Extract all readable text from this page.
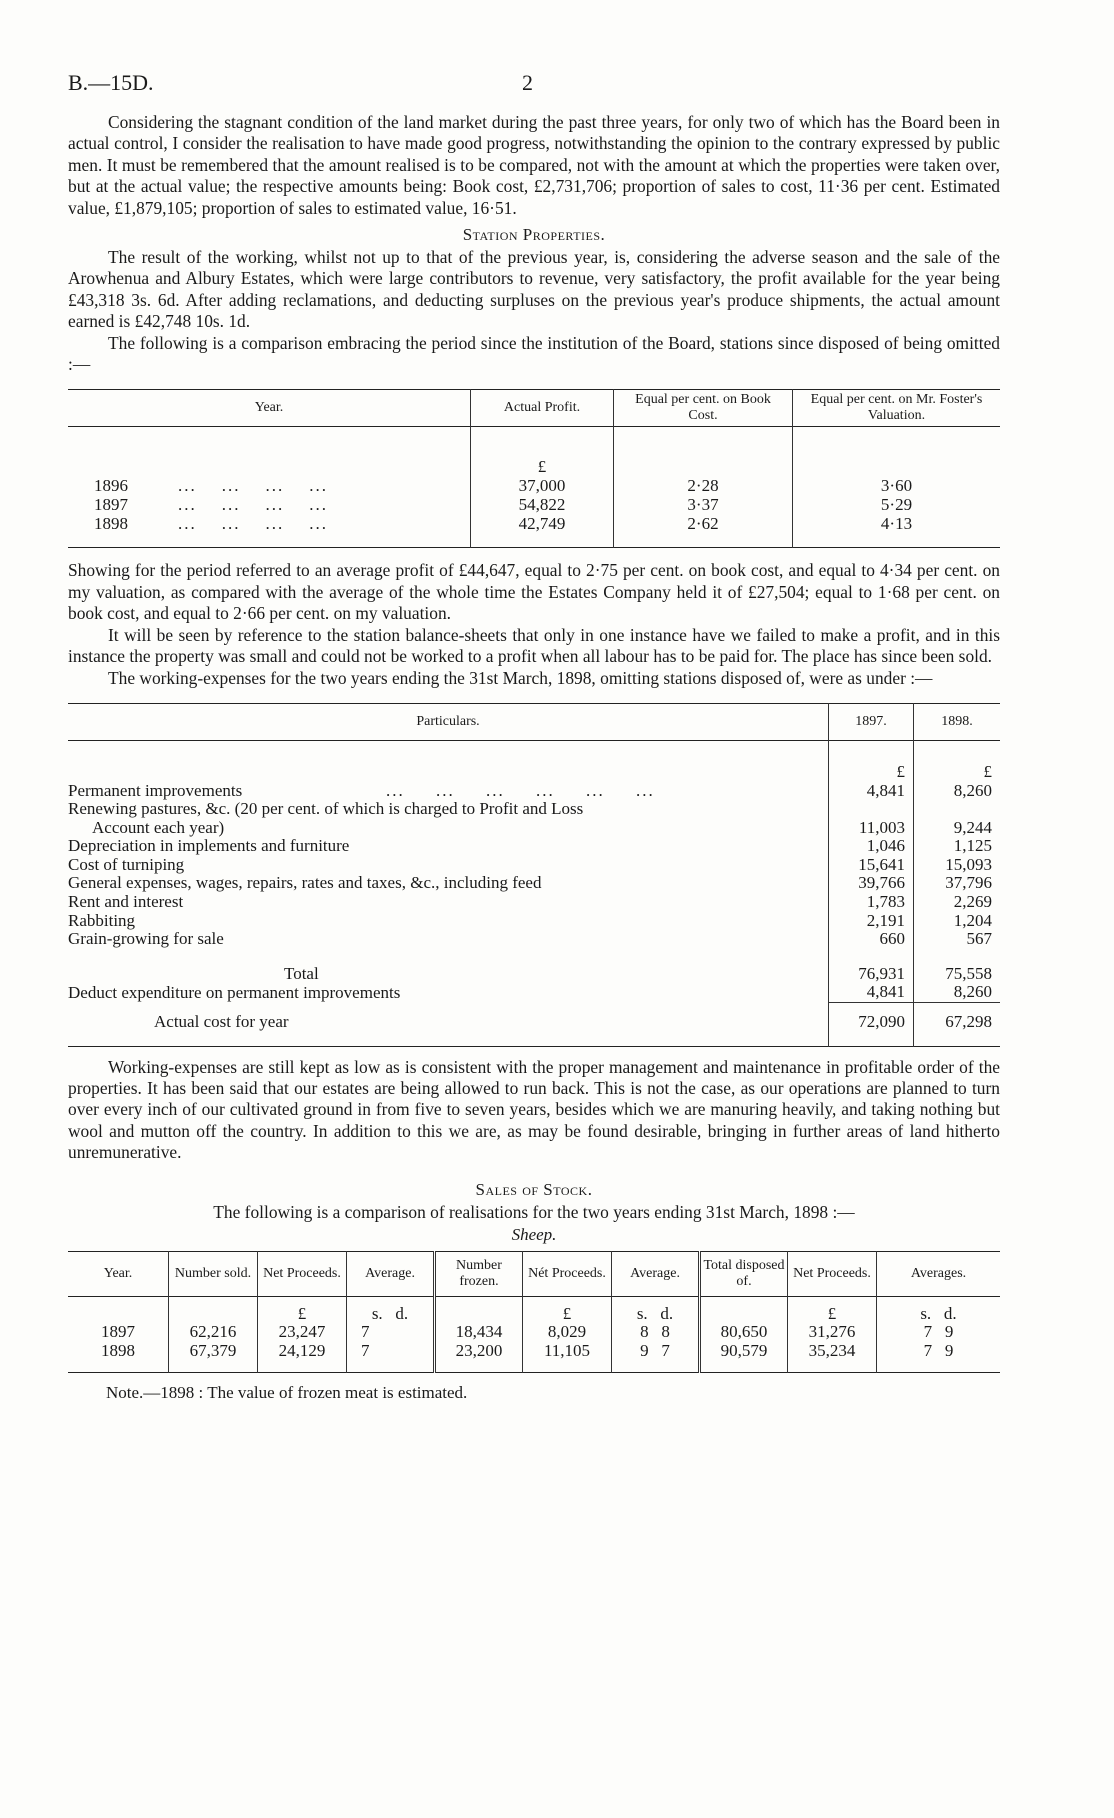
B.—15D.	2

Considering the stagnant condition of the land market during the past three years, for only two of which has the Board been in actual control, I consider the realisation to have made good progress, notwithstanding the opinion to the contrary expressed by public men. It must be remembered that the amount realised is to be compared, not with the amount at which the properties were taken over, but at the actual value; the respective amounts being: Book cost, £2,731,706; proportion of sales to cost, 11·36 per cent. Estimated value, £1,879,105; proportion of sales to estimated value, 16·51.

Station Properties.

The result of the working, whilst not up to that of the previous year, is, considering the adverse season and the sale of the Arowhenua and Albury Estates, which were large contributors to revenue, very satisfactory, the profit available for the year being £43,318 3s. 6d. After adding reclamations, and deducting surpluses on the previous year's produce shipments, the actual amount earned is £42,748 10s. 1d.

The following is a comparison embracing the period since the institution of the Board, stations since disposed of being omitted :—

Year.	Actual Profit.	Equal per cent. on Book Cost.	Equal per cent. on Mr. Foster's Valuation.
	£		
1896 ...    ...    ...    ...	37,000	2·28	3·60
1897 ...    ...    ...    ...	54,822	3·37	5·29
1898 ...    ...    ...    ...	42,749	2·62	4·13

Showing for the period referred to an average profit of £44,647, equal to 2·75 per cent. on book cost, and equal to 4·34 per cent. on my valuation, as compared with the average of the whole time the Estates Company held it of £27,504; equal to 1·68 per cent. on book cost, and equal to 2·66 per cent. on my valuation.

It will be seen by reference to the station balance-sheets that only in one instance have we failed to make a profit, and in this instance the property was small and could not be worked to a profit when all labour has to be paid for. The place has since been sold.

The working-expenses for the two years ending the 31st March, 1898, omitting stations disposed of, were as under :—

Particulars.	1897.	1898.
	£	£
Permanent improvements ...     ...     ...     ...     ...     ...	4,841	8,260
Renewing pastures, &c. (20 per cent. of which is charged to Profit and Loss		
Account each year)	11,003	9,244
Depreciation in implements and furniture	1,046	1,125
Cost of turniping	15,641	15,093
General expenses, wages, repairs, rates and taxes, &c., including feed	39,766	37,796
Rent and interest	1,783	2,269
Rabbiting	2,191	1,204
Grain-growing for sale	660	567
Total	76,931	75,558
Deduct expenditure on permanent improvements	4,841	8,260
Actual cost for year	72,090	67,298

Working-expenses are still kept as low as is consistent with the proper management and maintenance in profitable order of the properties. It has been said that our estates are being allowed to run back. This is not the case, as our operations are planned to turn over every inch of our cultivated ground in from five to seven years, besides which we are manuring heavily, and taking nothing but wool and mutton off the country. In addition to this we are, as may be found desirable, bringing in further areas of land hitherto unremunerative.

Sales of Stock.
The following is a comparison of realisations for the two years ending 31st March, 1898 :—
Sheep.
Year.	Number sold.	Net Proceeds.	Average.	Number frozen.	Nét Proceeds.	Average.	Total disposed of.	Net Proceeds.	Averages.
		£	s.   d.		£	s.   d.		£	s.   d.
1897	62,216	23,247	7	18,434	8,029	8   8	80,650	31,276	7   9
1898	67,379	24,129	7	23,200	11,105	9   7	90,579	35,234	7   9
Note.—1898 : The value of frozen meat is estimated.
